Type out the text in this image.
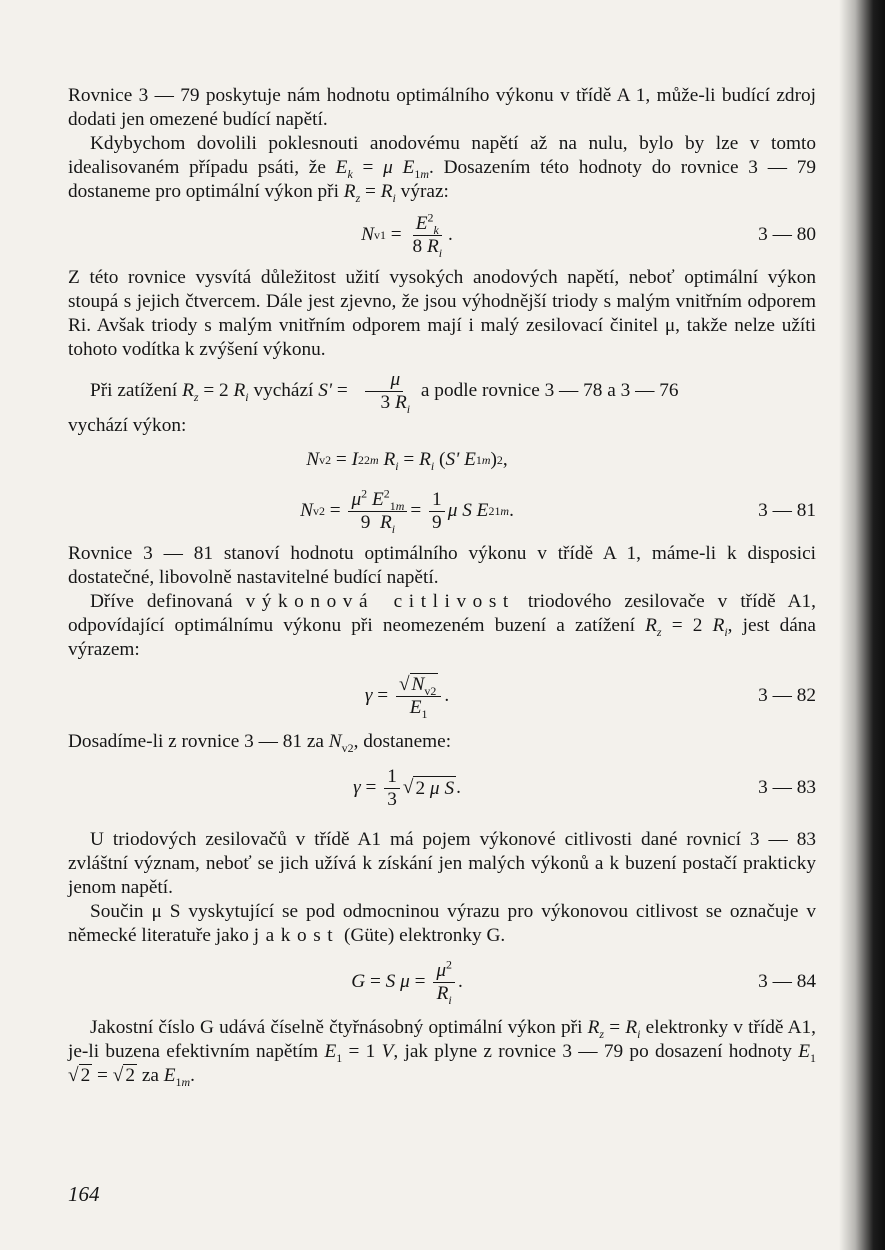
Rovnice 3 — 79 poskytuje nám hodnotu optimálního výkonu v třídě A 1, může-li budící zdroj dodati jen omezené budící napětí.

Kdybychom dovolili poklesnouti anodovému napětí až na nulu, bylo by lze v tomto idealisovaném případu psáti, že $E_k = \mu$ $E_{1m}$. Dosazením této hodnoty do rovnice 3 — 79 dostaneme pro optimální výkon při $R_z = R_i$ výraz:

N $v1 = \frac{E^2_k}{8 R_i}$ .	3 — 80

Z této rovnice vysvítá důležitost užití vysokých anodových napětí, neboť optimální výkon stoupá s jejich čtvercem. Dále jest zjevno, že jsou výhodnější triody s malým vnitřním odporem Ri. Avšak triody s malým vnitřním odporem mají i malý zesilovací činitel μ, takže nelze užíti tohoto vodítka k zvýšení výkonu.

Při zatížení $R_z = 2$ $R_i$ vychází $S' = \frac{\mu}{3 R_i}$ a podle rovnice 3 — 78 a 3 — 76

vychází výkon:

N v2 = I 2 2m
$R_i = R_i$ ( S'
E 1m ) 2 ,
N $v2 = \frac{\mu^2 E^2_{1m}}{9 R_i} = \frac{1}{9}$ μ
S
E 2 1m .	3 — 81

Rovnice 3 — 81 stanoví hodnotu optimálního výkonu v třídě A 1, máme-li k disposici dostatečné, libovolně nastavitelné budící napětí.

Dříve definovaná výkonová citlivost triodového zesilovače v třídě A1, odpovídající optimálnímu výkonu při neomezeném buzení a zatížení $R_z = 2$ $R_i$, jest dána výrazem:

$\gamma = \frac{√ N_{v2}}{E_1}$ .	3 — 82

Dosadíme-li z rovnice 3 — 81 za $N_{v2}$, dostaneme:

$\gamma = \frac{1}{3}$ √ 2 μ S .	3 — 83

U triodových zesilovačů v třídě A1 má pojem výkonové citlivosti dané rovnicí 3 — 83 zvláštní význam, neboť se jich užívá k získání jen malých výkonů a k buzení postačí prakticky jenom napětí.

Součin μ S vyskytující se pod odmocninou výrazu pro výkonovou citlivost se označuje v německé literatuře jako jakost (Güte) elektronky G.

G = S
$\mu = \frac{\mu^2}{R_i}$ .	3 — 84

Jakostní číslo G udává číselně čtyřnásobný optimální výkon při $R_z = R_i$ elektronky v třídě A1, je-li buzena efektivním napětím $E_1 = 1$ V, jak plyne z rovnice 3 — 79 po dosazení hodnoty $E_1$ √ 2 = √ 2 za $E_{1m}$.

164
